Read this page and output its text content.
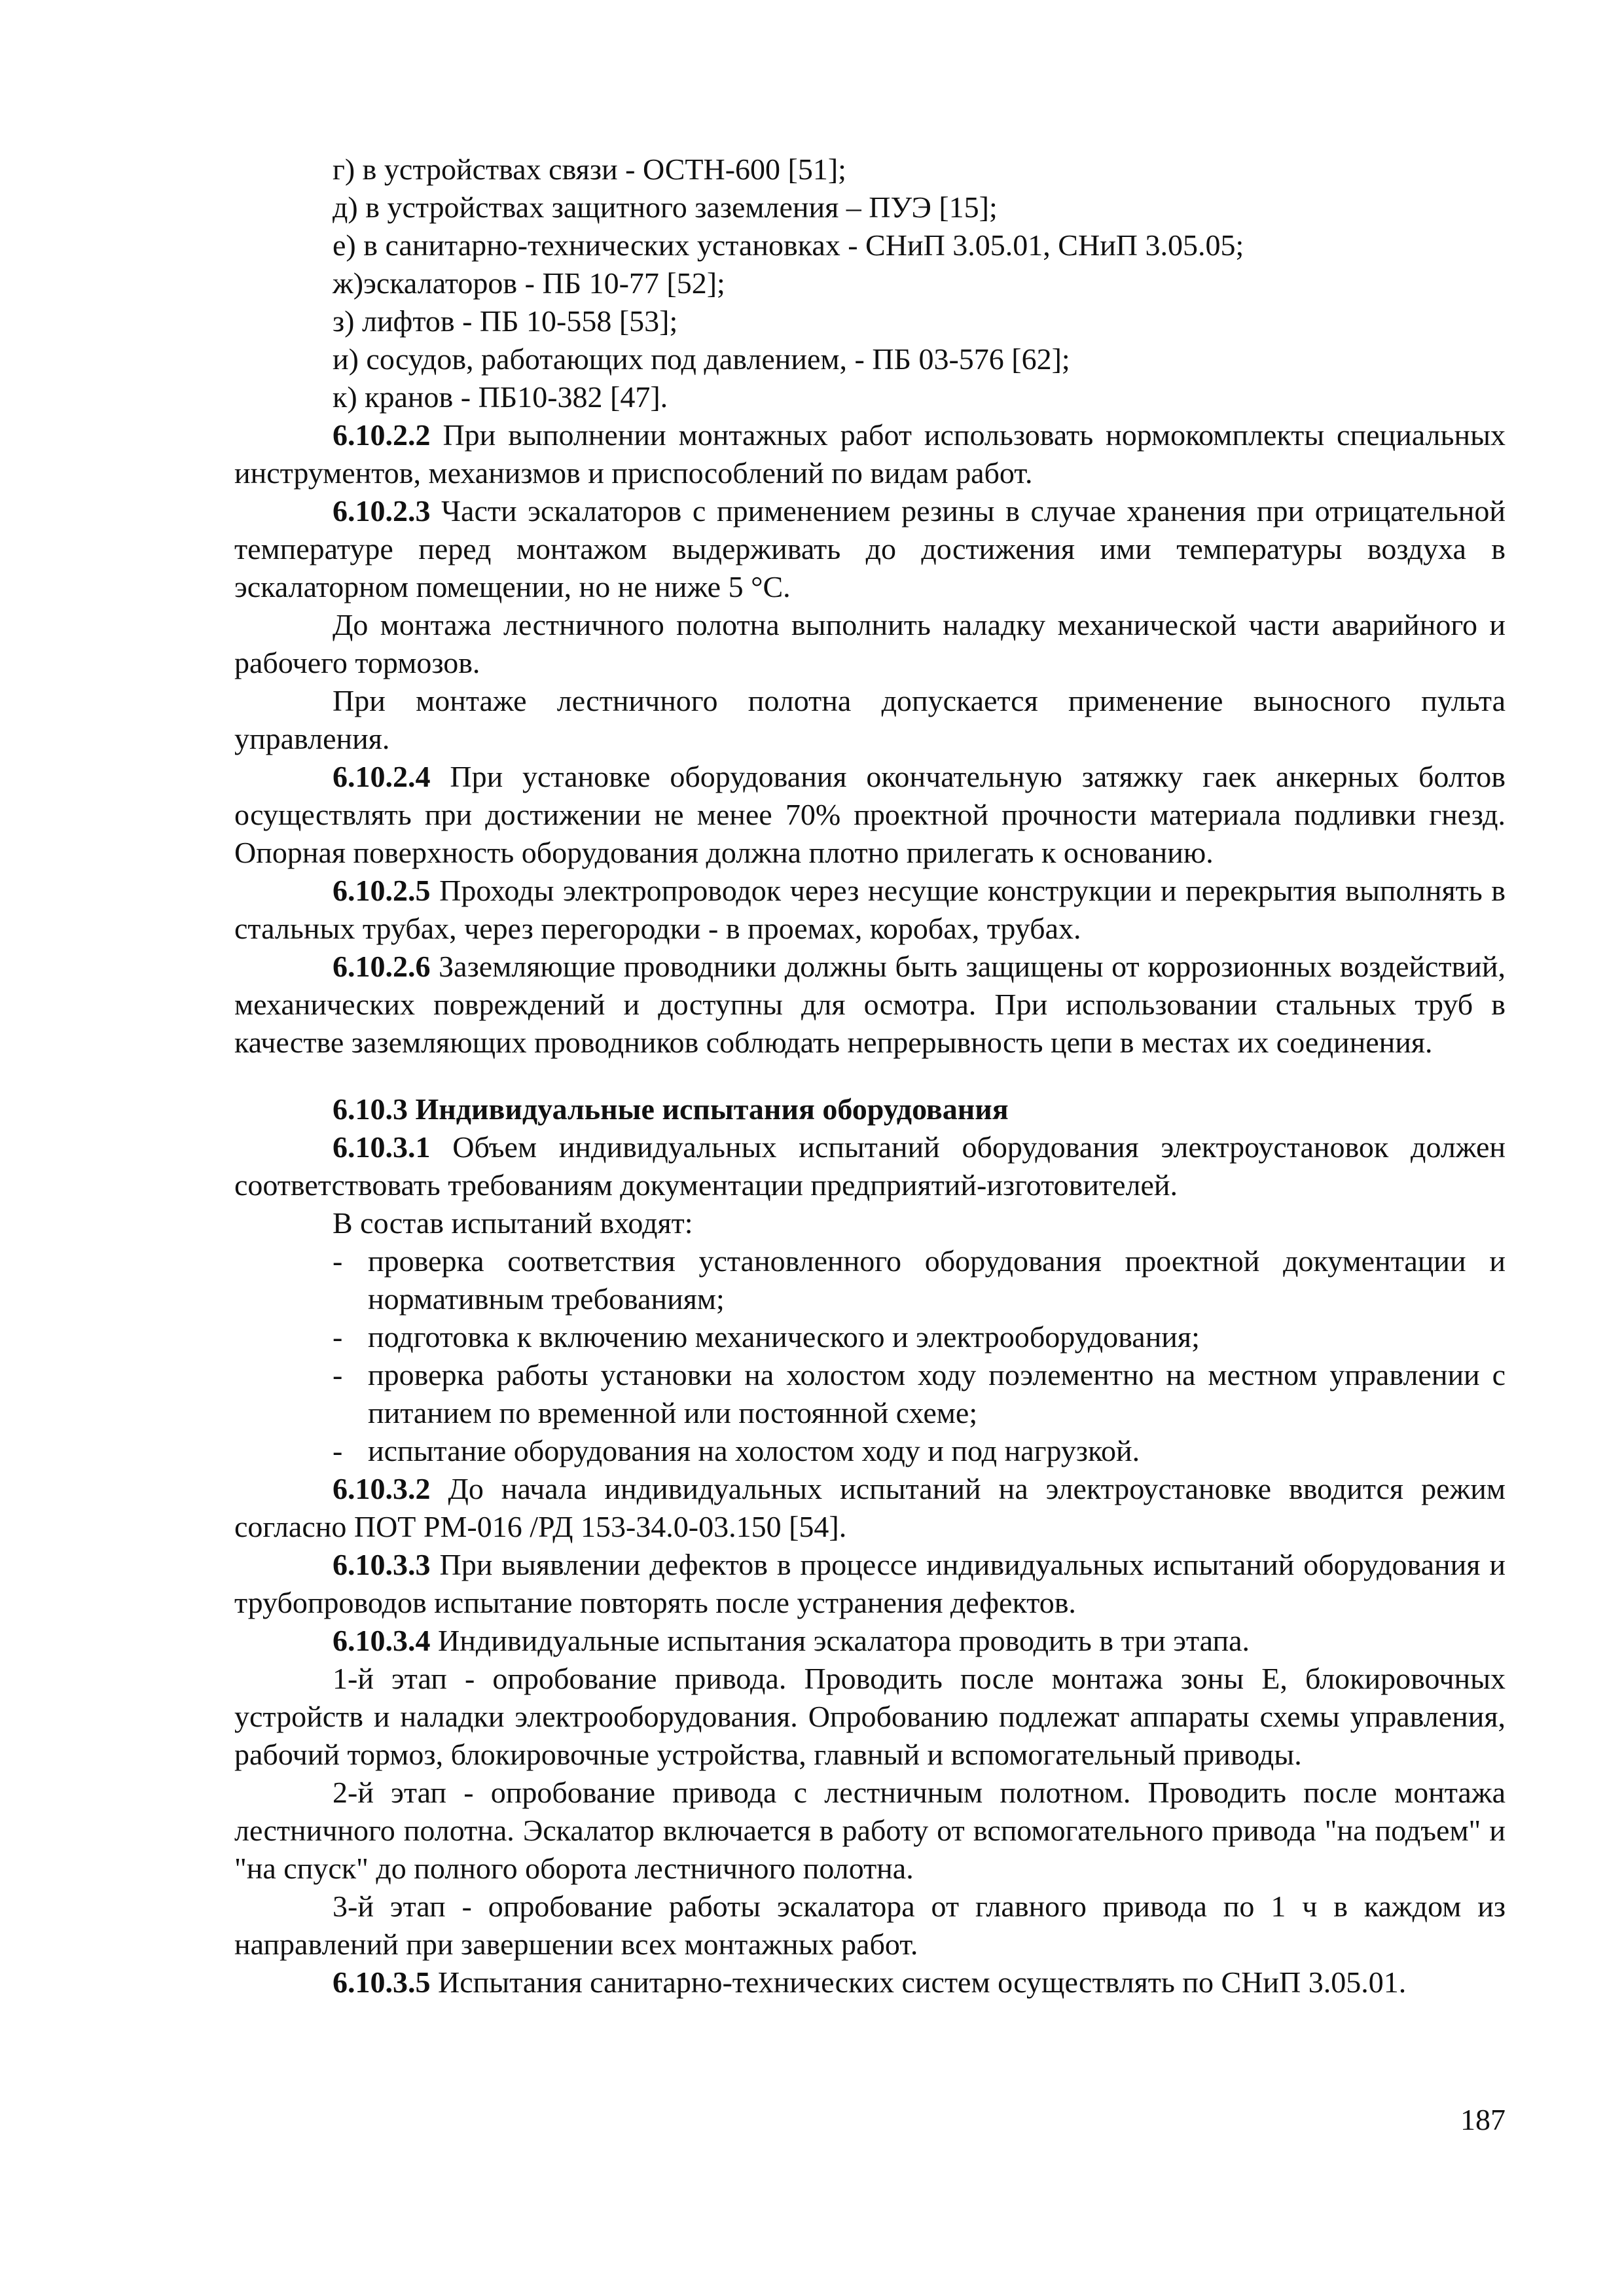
г) в устройствах связи - ОСТН-600 [51];

д) в устройствах защитного заземления – ПУЭ [15];

е) в санитарно-технических установках - СНиП 3.05.01, СНиП 3.05.05;

ж)эскалаторов - ПБ 10-77 [52];

з) лифтов - ПБ 10-558 [53];

и) сосудов, работающих под давлением, - ПБ 03-576 [62];

к) кранов - ПБ10-382 [47].

6.10.2.2 При выполнении монтажных работ использовать нормокомплекты специальных инструментов, механизмов и приспособлений по видам работ.

6.10.2.3 Части эскалаторов с применением резины в случае хранения при отрицательной температуре перед монтажом выдерживать до достижения ими температуры воздуха в эскалаторном помещении, но не ниже 5 °С.

До монтажа лестничного полотна выполнить наладку механической части аварийного и рабочего тормозов.

При монтаже лестничного полотна допускается применение выносного пульта управления.

6.10.2.4 При установке оборудования окончательную затяжку гаек анкерных болтов осуществлять при достижении не менее 70% проектной прочности материала подливки гнезд. Опорная поверхность оборудования должна плотно прилегать к основанию.

6.10.2.5 Проходы электропроводок через несущие конструкции и перекрытия выполнять в стальных трубах, через перегородки - в проемах, коробах, трубах.

6.10.2.6 Заземляющие проводники должны быть защищены от коррозионных воздействий, механических повреждений и доступны для осмотра. При использовании стальных труб в качестве заземляющих проводников соблюдать непрерывность цепи в местах их соединения.

6.10.3 Индивидуальные испытания оборудования

6.10.3.1 Объем индивидуальных испытаний оборудования электроустановок должен соответствовать требованиям документации предприятий-изготовителей.

В состав испытаний входят:

- проверка соответствия установленного оборудования проектной документации и нормативным требованиям;
- подготовка к включению механического и электрооборудования;
- проверка работы установки на холостом ходу поэлементно на местном управлении с питанием по временной или постоянной схеме;
- испытание оборудования на холостом ходу и под нагрузкой.

6.10.3.2 До начала индивидуальных испытаний на электроустановке вводится режим согласно ПОТ РМ-016 /РД 153-34.0-03.150 [54].

6.10.3.3 При выявлении дефектов в процессе индивидуальных испытаний оборудования и трубопроводов испытание повторять после устранения дефектов.

6.10.3.4 Индивидуальные испытания эскалатора проводить в три этапа.

1-й этап - опробование привода. Проводить после монтажа зоны Е, блокировочных устройств и наладки электрооборудования. Опробованию подлежат аппараты схемы управления, рабочий тормоз, блокировочные устройства, главный и вспомогательный приводы.

2-й этап - опробование привода с лестничным полотном. Проводить после монтажа лестничного полотна. Эскалатор включается в работу от вспомогательного привода "на подъем" и "на спуск" до полного оборота лестничного полотна.

3-й этап - опробование работы эскалатора от главного привода по 1 ч в каждом из направлений при завершении всех монтажных работ.

6.10.3.5 Испытания санитарно-технических систем осуществлять по СНиП 3.05.01.

187
